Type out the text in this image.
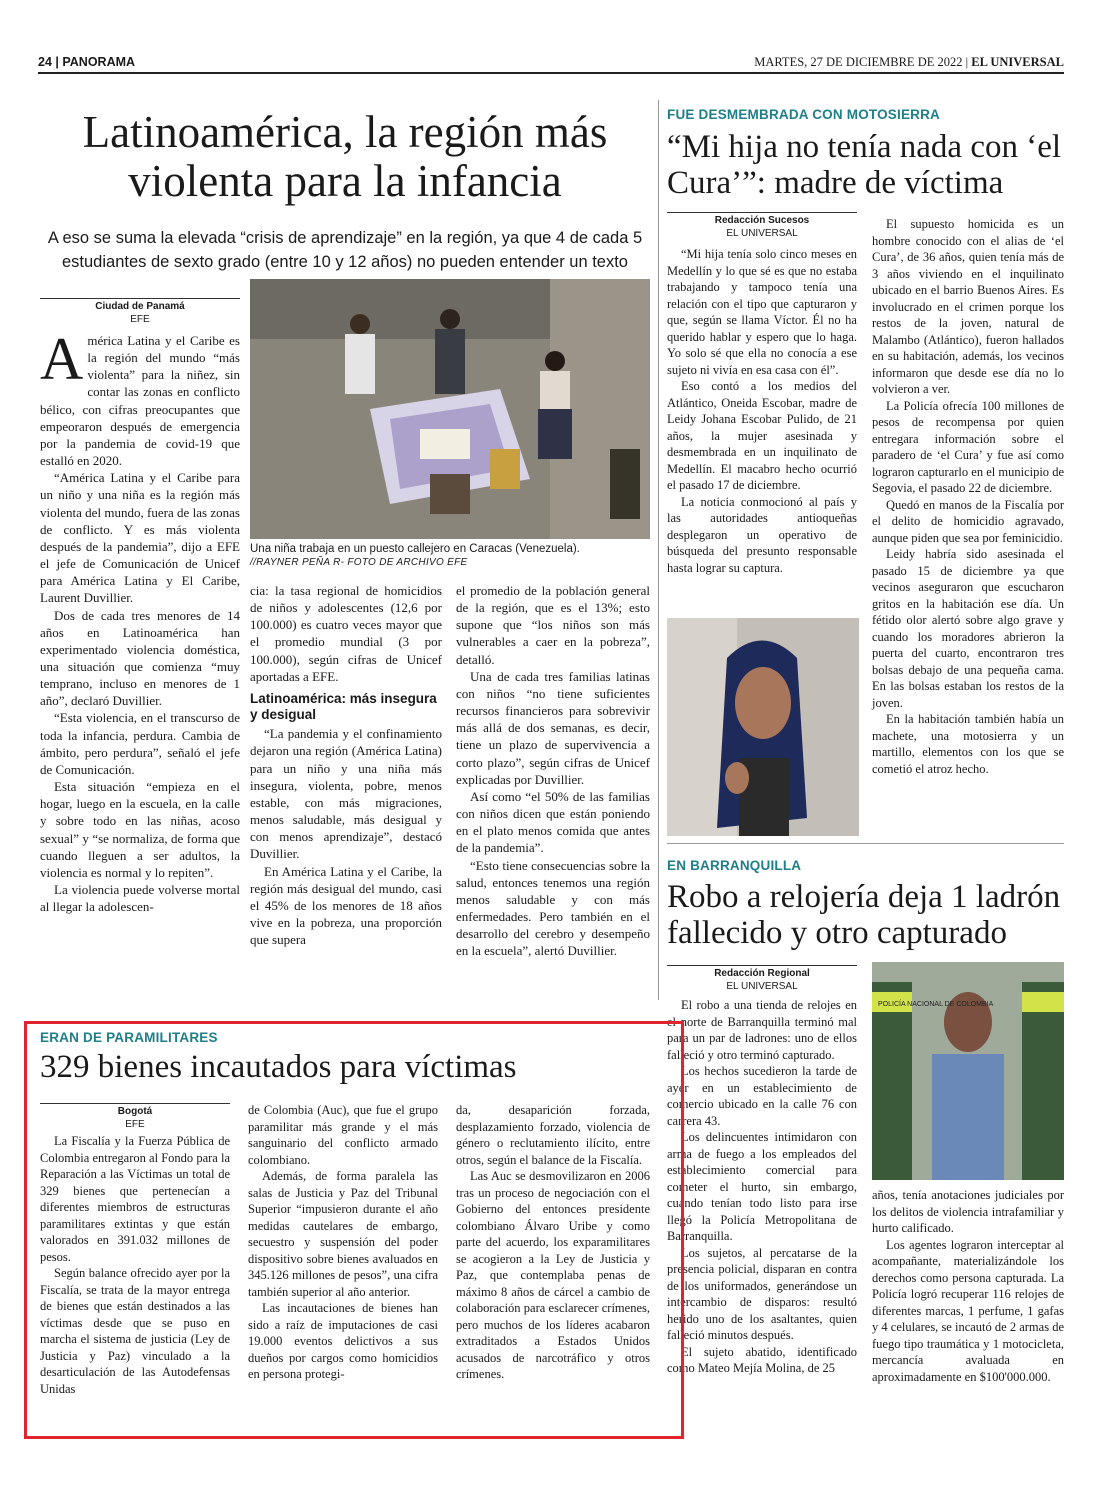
24 | PANORAMA	MARTES, 27 DE DICIEMBRE DE 2022 | EL UNIVERSAL
Latinoamérica, la región más violenta para la infancia
A eso se suma la elevada “crisis de aprendizaje” en la región, ya que 4 de cada 5 estudiantes de sexto grado (entre 10 y 12 años) no pueden entender un texto
Ciudad de Panamá
EFE

América Latina y el Caribe es la región del mundo “más violenta” para la niñez, sin contar las zonas en conflicto bélico, con cifras preocupantes que empeoraron después de emergencia por la pandemia de covid-19 que estalló en 2020.

“América Latina y el Caribe para un niño y una niña es la región más violenta del mundo, fuera de las zonas de conflicto. Y es más violenta después de la pandemia”, dijo a EFE el jefe de Comunicación de Unicef para América Latina y El Caribe, Laurent Duvillier.

Dos de cada tres menores de 14 años en Latinoamérica han experimentado violencia doméstica, una situación que comienza “muy temprano, incluso en menores de 1 año”, declaró Duvillier.

“Esta violencia, en el transcurso de toda la infancia, perdura. Cambia de ámbito, pero perdura”, señaló el jefe de Comunicación.

Esta situación “empieza en el hogar, luego en la escuela, en la calle y sobre todo en las niñas, acoso sexual” y “se normaliza, de forma que cuando lleguen a ser adultos, la violencia es normal y lo repiten”.

La violencia puede volverse mortal al llegar la adolescen-

Una niña trabaja en un puesto callejero en Caracas (Venezuela).
//RAYNER PEÑA R- FOTO DE ARCHIVO EFE

cia: la tasa regional de homicidios de niños y adolescentes (12,6 por 100.000) es cuatro veces mayor que el promedio mundial (3 por 100.000), según cifras de Unicef aportadas a EFE.

Latinoamérica: más insegura y desigual

“La pandemia y el confinamiento dejaron una región (América Latina) para un niño y una niña más insegura, violenta, pobre, menos estable, con más migraciones, menos saludable, más desigual y con menos aprendizaje”, destacó Duvillier.

En América Latina y el Caribe, la región más desigual del mundo, casi el 45% de los menores de 18 años vive en la pobreza, una proporción que supera

el promedio de la población general de la región, que es el 13%; esto supone que “los niños son más vulnerables a caer en la pobreza”, detalló.

Una de cada tres familias latinas con niños “no tiene suficientes recursos financieros para sobrevivir más allá de dos semanas, es decir, tiene un plazo de supervivencia a corto plazo”, según cifras de Unicef explicadas por Duvillier.

Así como “el 50% de las familias con niños dicen que están poniendo en el plato menos comida que antes de la pandemia”.

“Esto tiene consecuencias sobre la salud, entonces tenemos una región menos saludable y con más enfermedades. Pero también en el desarrollo del cerebro y desempeño en la escuela”, alertó Duvillier.

FUE DESMEMBRADA CON MOTOSIERRA
“Mi hija no tenía nada con ‘el Cura’”: madre de víctima
Redacción Sucesos
EL UNIVERSAL

“Mi hija tenía solo cinco meses en Medellín y lo que sé es que no estaba trabajando y tampoco tenía una relación con el tipo que capturaron y que, según se llama Víctor. Él no ha querido hablar y espero que lo haga. Yo solo sé que ella no conocía a ese sujeto ni vivía en esa casa con él”.

Eso contó a los medios del Atlántico, Oneida Escobar, madre de Leidy Johana Escobar Pulido, de 21 años, la mujer asesinada y desmembrada en un inquilinato de Medellín. El macabro hecho ocurrió el pasado 17 de diciembre.

La noticia conmocionó al país y las autoridades antioqueñas desplegaron un operativo de búsqueda del presunto responsable hasta lograr su captura.

El supuesto homicida es un hombre conocido con el alias de ‘el Cura’, de 36 años, quien tenía más de 3 años viviendo en el inquilinato ubicado en el barrio Buenos Aires. Es involucrado en el crimen porque los restos de la joven, natural de Malambo (Atlántico), fueron hallados en su habitación, además, los vecinos informaron que desde ese día no lo volvieron a ver.

La Policía ofrecía 100 millones de pesos de recompensa por quien entregara información sobre el paradero de ‘el Cura’ y fue así como lograron capturarlo en el municipio de Segovia, el pasado 22 de diciembre.

Quedó en manos de la Fiscalía por el delito de homicidio agravado, aunque piden que sea por feminicidio.

Leidy habría sido asesinada el pasado 15 de diciembre ya que vecinos aseguraron que escucharon gritos en la habitación ese día. Un fétido olor alertó sobre algo grave y cuando los moradores abrieron la puerta del cuarto, encontraron tres bolsas debajo de una pequeña cama. En las bolsas estaban los restos de la joven.

En la habitación también había un machete, una motosierra y un martillo, elementos con los que se cometió el atroz hecho.

EN BARRANQUILLA
Robo a relojería deja 1 ladrón fallecido y otro capturado
Redacción Regional
EL UNIVERSAL
POLICÍA NACIONAL DE COLOMBIA

El robo a una tienda de relojes en el norte de Barranquilla terminó mal para un par de ladrones: uno de ellos falleció y otro terminó capturado.

Los hechos sucedieron la tarde de ayer en un establecimiento de comercio ubicado en la calle 76 con carrera 43.

Los delincuentes intimidaron con arma de fuego a los empleados del establecimiento comercial para cometer el hurto, sin embargo, cuando tenían todo listo para irse llegó la Policía Metropolitana de Barranquilla.

Los sujetos, al percatarse de la presencia policial, disparan en contra de los uniformados, generándose un intercambio de disparos: resultó herido uno de los asaltantes, quien falleció minutos después.

El sujeto abatido, identificado como Mateo Mejía Molina, de 25

años, tenía anotaciones judiciales por los delitos de violencia intrafamiliar y hurto calificado.

Los agentes lograron interceptar al acompañante, materializándole los derechos como persona capturada. La Policía logró recuperar 116 relojes de diferentes marcas, 1 perfume, 1 gafas y 4 celulares, se incautó de 2 armas de fuego tipo traumática y 1 motocicleta, mercancía avaluada en aproximadamente en $100'000.000.

ERAN DE PARAMILITARES
329 bienes incautados para víctimas
Bogotá
EFE

La Fiscalía y la Fuerza Pública de Colombia entregaron al Fondo para la Reparación a las Víctimas un total de 329 bienes que pertenecían a diferentes miembros de estructuras paramilitares extintas y que están valorados en 391.032 millones de pesos.

Según balance ofrecido ayer por la Fiscalía, se trata de la mayor entrega de bienes que están destinados a las víctimas desde que se puso en marcha el sistema de justicia (Ley de Justicia y Paz) vinculado a la desarticulación de las Autodefensas Unidas

de Colombia (Auc), que fue el grupo paramilitar más grande y el más sanguinario del conflicto armado colombiano.

Además, de forma paralela las salas de Justicia y Paz del Tribunal Superior “impusieron durante el año medidas cautelares de embargo, secuestro y suspensión del poder dispositivo sobre bienes avaluados en 345.126 millones de pesos”, una cifra también superior al año anterior.

Las incautaciones de bienes han sido a raíz de imputaciones de casi 19.000 eventos delictivos a sus dueños por cargos como homicidios en persona protegi-

da, desaparición forzada, desplazamiento forzado, violencia de género o reclutamiento ilícito, entre otros, según el balance de la Fiscalía.

Las Auc se desmovilizaron en 2006 tras un proceso de negociación con el Gobierno del entonces presidente colombiano Álvaro Uribe y como parte del acuerdo, los exparamilitares se acogieron a la Ley de Justicia y Paz, que contemplaba penas de máximo 8 años de cárcel a cambio de colaboración para esclarecer crímenes, pero muchos de los líderes acabaron extraditados a Estados Unidos acusados de narcotráfico y otros crímenes.
